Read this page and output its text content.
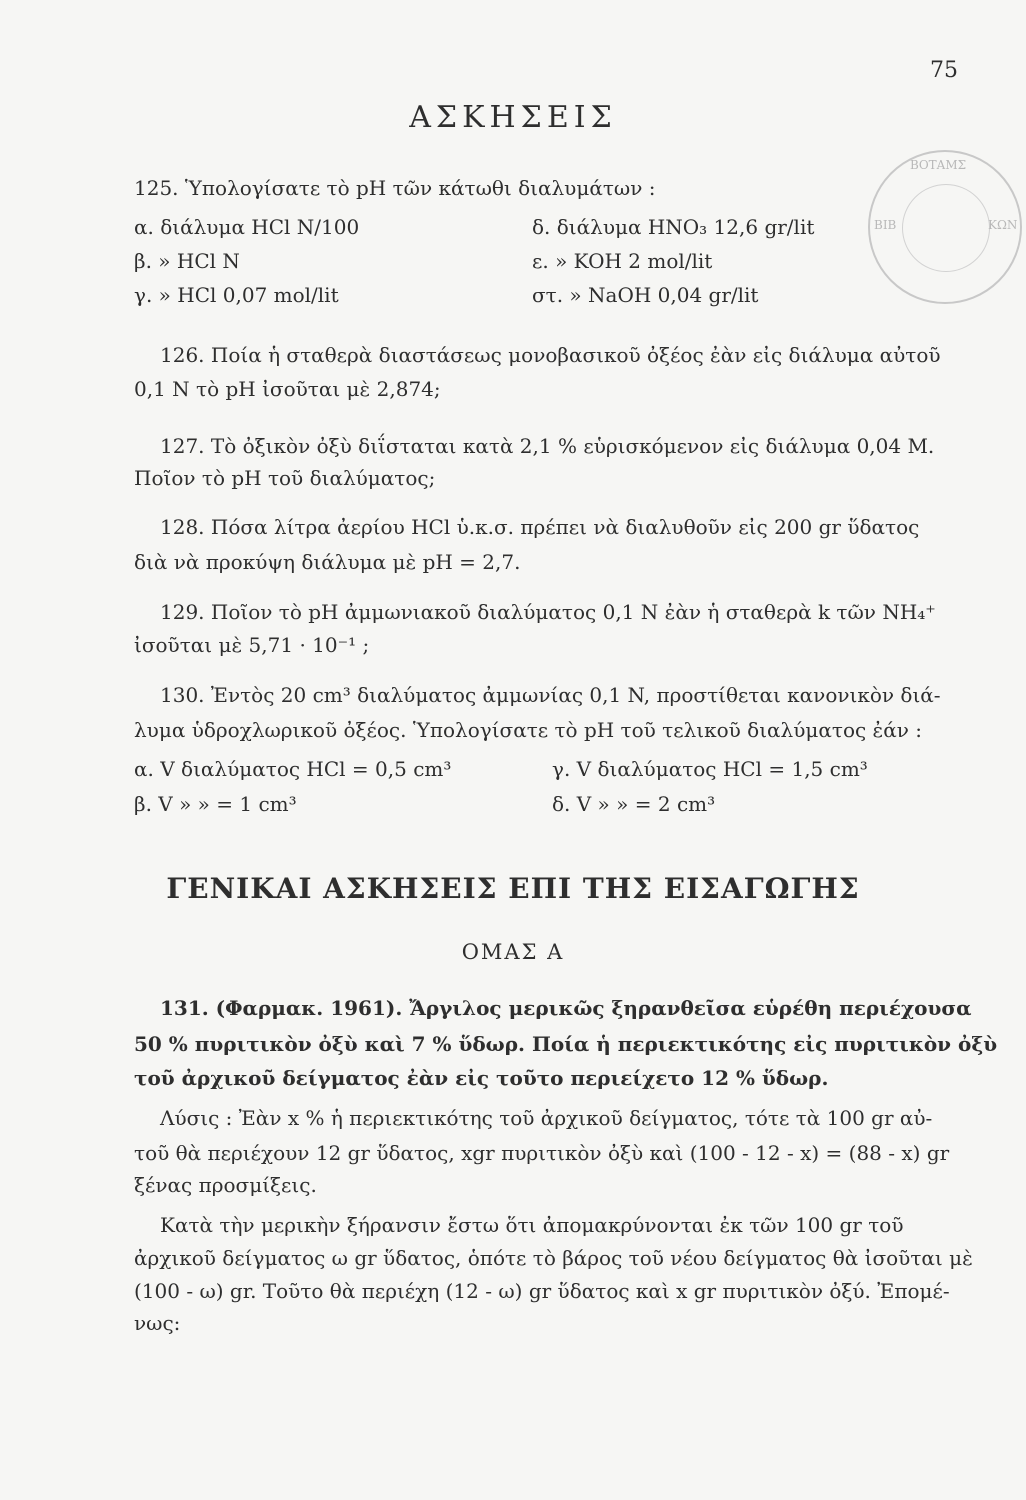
75
ΒΟΤΑΜΣ
ΒΙΒ	ΚΩΝ
ΑΣΚΗΣΕΙΣ
125. Ὑπολογίσατε τὸ pH τῶν κάτωθι διαλυμάτων :
α. διάλυμα HCl N/100
β. » HCl N
γ. » HCl 0,07 mol/lit
δ. διάλυμα HNO₃ 12,6 gr/lit
ε. » KOH 2 mol/lit
στ. » NaOH 0,04 gr/lit
126. Ποία ἡ σταθερὰ διαστάσεως μονοβασικοῦ ὀξέος ἐὰν εἰς διάλυμα αὐτοῦ
0,1 N τὸ pH ἰσοῦται μὲ 2,874;
127. Τὸ ὀξικὸν ὀξὺ διΐσταται κατὰ 2,1 % εὑρισκόμενον εἰς διάλυμα 0,04 M.
Ποῖον τὸ pH τοῦ διαλύματος;
128. Πόσα λίτρα ἀερίου HCl ὑ.κ.σ. πρέπει νὰ διαλυθοῦν εἰς 200 gr ὕδατος
διὰ νὰ προκύψη διάλυμα μὲ pH = 2,7.
129. Ποῖον τὸ pH ἀμμωνιακοῦ διαλύματος 0,1 N ἐὰν ἡ σταθερὰ k τῶν NH₄⁺
ἰσοῦται μὲ 5,71 · 10⁻¹ ;
130. Ἐντὸς 20 cm³ διαλύματος ἀμμωνίας 0,1 N, προστίθεται κανονικὸν διά-
λυμα ὑδροχλωρικοῦ ὀξέος. Ὑπολογίσατε τὸ pH τοῦ τελικοῦ διαλύματος ἐάν :
α. V διαλύματος HCl = 0,5 cm³
β. V » » = 1 cm³
γ. V διαλύματος HCl = 1,5 cm³
δ. V » » = 2 cm³
ΓΕΝΙΚΑΙ ΑΣΚΗΣΕΙΣ ΕΠΙ ΤΗΣ ΕΙΣΑΓΩΓΗΣ
ΟΜΑΣ Α
131. (Φαρμακ. 1961). Ἄργιλος μερικῶς ξηρανθεῖσα εὑρέθη περιέχουσα
50 % πυριτικὸν ὀξὺ καὶ 7 % ὕδωρ. Ποία ἡ περιεκτικότης εἰς πυριτικὸν ὀξὺ
τοῦ ἀρχικοῦ δείγματος ἐὰν εἰς τοῦτο περιείχετο 12 % ὕδωρ.
Λύσις : Ἐὰν x % ἡ περιεκτικότης τοῦ ἀρχικοῦ δείγματος, τότε τὰ 100 gr αὐ-
τοῦ θὰ περιέχουν 12 gr ὕδατος, xgr πυριτικὸν ὀξὺ καὶ (100 - 12 - x) = (88 - x) gr
ξένας προσμίξεις.
Κατὰ τὴν μερικὴν ξήρανσιν ἔστω ὅτι ἀπομακρύνονται ἐκ τῶν 100 gr τοῦ
ἀρχικοῦ δείγματος ω gr ὕδατος, ὁπότε τὸ βάρος τοῦ νέου δείγματος θὰ ἰσοῦται μὲ
(100 - ω) gr. Τοῦτο θὰ περιέχη (12 - ω) gr ὕδατος καὶ x gr πυριτικὸν ὀξύ. Ἐπομέ-
νως:
